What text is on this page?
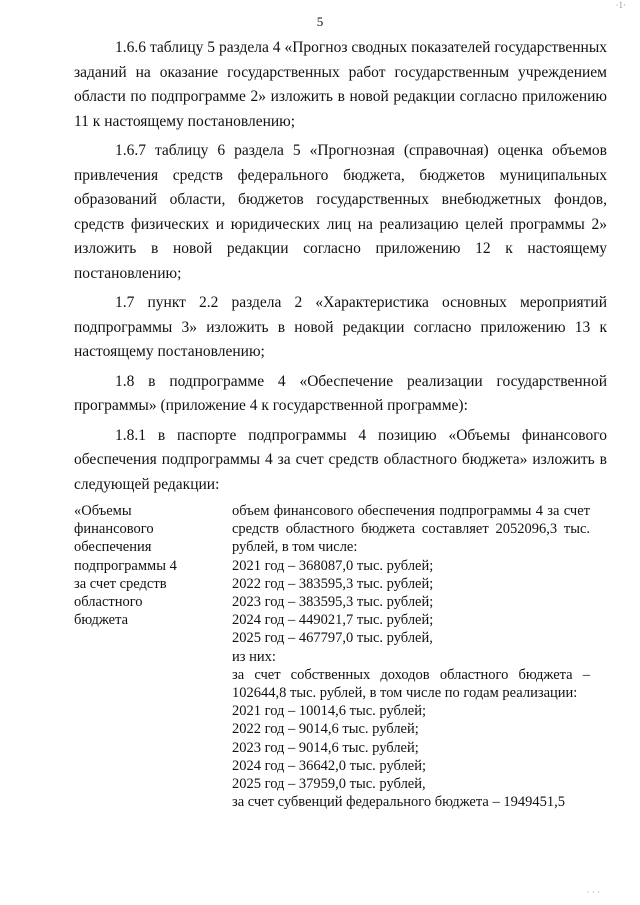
·1·
5

1.6.6 таблицу 5 раздела 4 «Прогноз сводных показателей государственных заданий на оказание государственных работ государственным учреждением области по подпрограмме 2» изложить в новой редакции согласно приложению 11 к настоящему постановлению;

1.6.7 таблицу 6 раздела 5 «Прогнозная (справочная) оценка объемов привлечения средств федерального бюджета, бюджетов муниципальных образований области, бюджетов государственных внебюджетных фондов, средств физических и юридических лиц на реализацию целей программы 2» изложить в новой редакции согласно приложению 12 к настоящему постановлению;

1.7 пункт 2.2 раздела 2 «Характеристика основных мероприятий подпрограммы 3» изложить в новой редакции согласно приложению 13 к настоящему постановлению;

1.8 в подпрограмме 4 «Обеспечение реализации государственной программы» (приложение 4 к государственной программе):

1.8.1 в паспорте подпрограммы 4 позицию «Объемы финансового обеспечения подпрограммы 4 за счет средств областного бюджета» изложить в следующей редакции:

«Объемы
финансового
обеспечения
подпрограммы 4
за счет средств
областного
бюджета
объем финансового обеспечения подпрограммы 4 за счет средств областного бюджета составляет 2052096,3 тыс. рублей, в том числе:
2021 год – 368087,0 тыс. рублей;
2022 год – 383595,3 тыс. рублей;
2023 год – 383595,3 тыс. рублей;
2024 год – 449021,7 тыс. рублей;
2025 год – 467797,0 тыс. рублей,
из них:
за счет собственных доходов областного бюджета – 102644,8 тыс. рублей, в том числе по годам реализации:
2021 год – 10014,6 тыс. рублей;
2022 год – 9014,6 тыс. рублей;
2023 год – 9014,6 тыс. рублей;
2024 год – 36642,0 тыс. рублей;
2025 год – 37959,0 тыс. рублей,
за счет субвенций федерального бюджета – 1949451,5
· · ·
